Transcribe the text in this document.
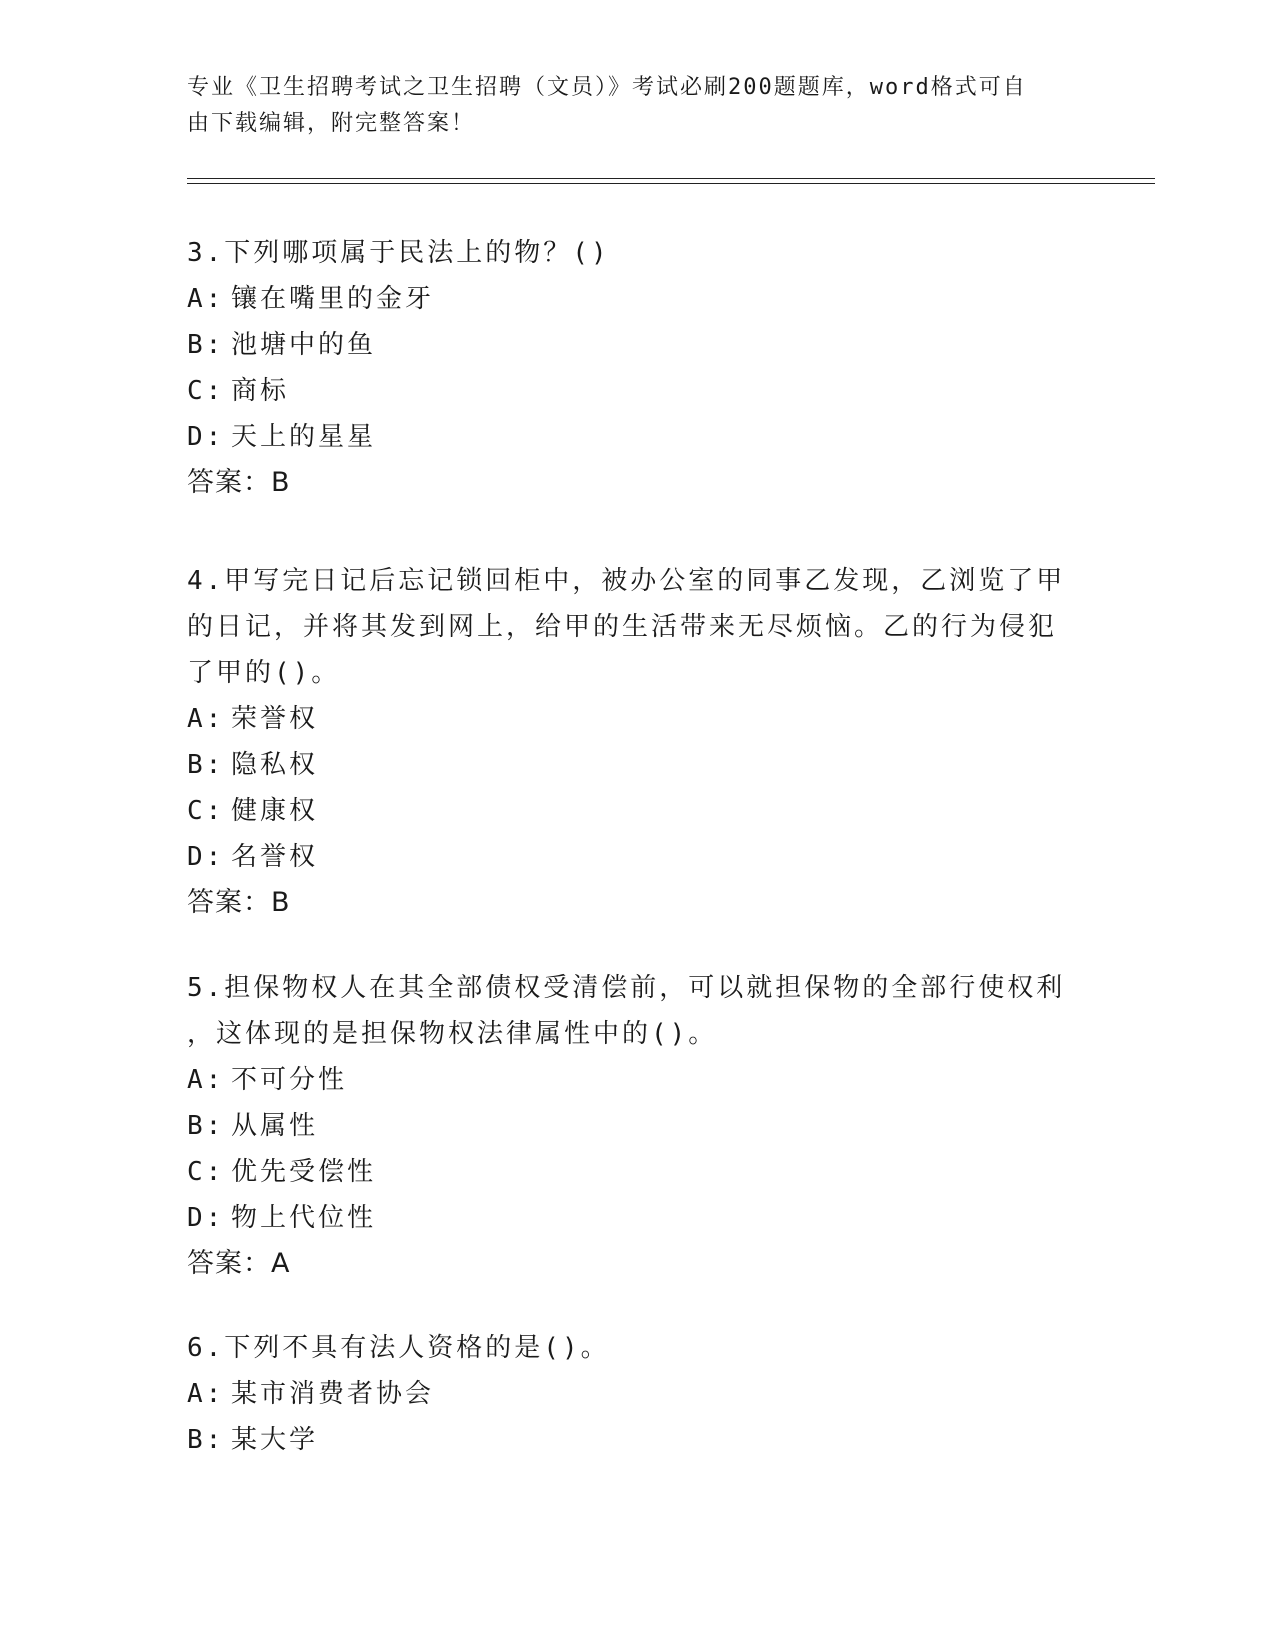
专业《卫生招聘考试之卫生招聘（文员）》考试必刷200题题库，word格式可自
由下载编辑，附完整答案！

3.下列哪项属于民法上的物？()

A: 镶在嘴里的金牙

B: 池塘中的鱼

C: 商标

D: 天上的星星

答案：B

4.甲写完日记后忘记锁回柜中，被办公室的同事乙发现，乙浏览了甲

的日记，并将其发到网上，给甲的生活带来无尽烦恼。乙的行为侵犯

了甲的()。

A: 荣誉权

B: 隐私权

C: 健康权

D: 名誉权

答案：B

5.担保物权人在其全部债权受清偿前，可以就担保物的全部行使权利

，这体现的是担保物权法律属性中的()。

A: 不可分性

B: 从属性

C: 优先受偿性

D: 物上代位性

答案：A

6.下列不具有法人资格的是()。

A: 某市消费者协会

B: 某大学
